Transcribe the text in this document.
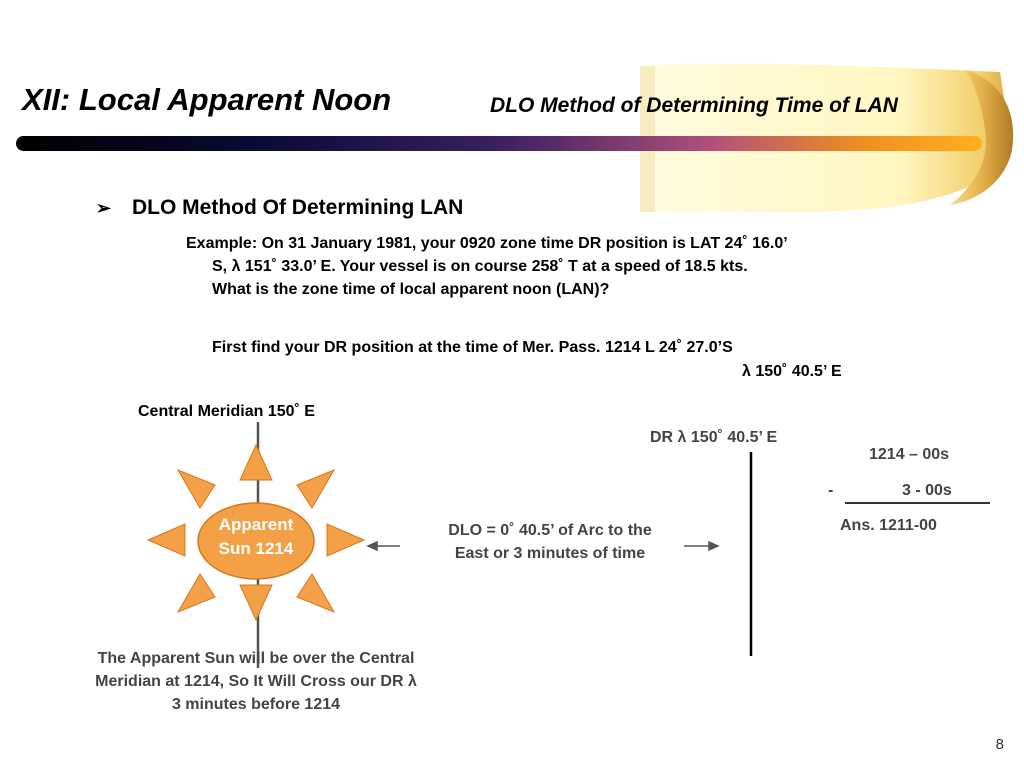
XII: Local Apparent Noon	DLO Method of Determining Time of LAN
➢ DLO Method Of Determining LAN
Example: On 31 January 1981, your 0920 zone time DR position is LAT 24˚ 16.0’
S, λ 151˚ 33.0’ E. Your vessel is on course 258˚ T at a speed of 18.5 kts.
What is the zone time of local apparent noon (LAN)?
First find your DR position at the time of Mer. Pass. 1214 L 24˚ 27.0’S
λ 150˚ 40.5’ E
Central Meridian 150˚ E
DR λ 150˚ 40.5’ E
Apparent
Sun 1214
DLO = 0˚ 40.5’ of Arc to the
East or 3 minutes of time
1214 – 00s
-	3 - 00s
Ans. 1211-00
The Apparent Sun will be over the Central
Meridian at 1214, So It Will Cross our DR λ
3 minutes before 1214
8
